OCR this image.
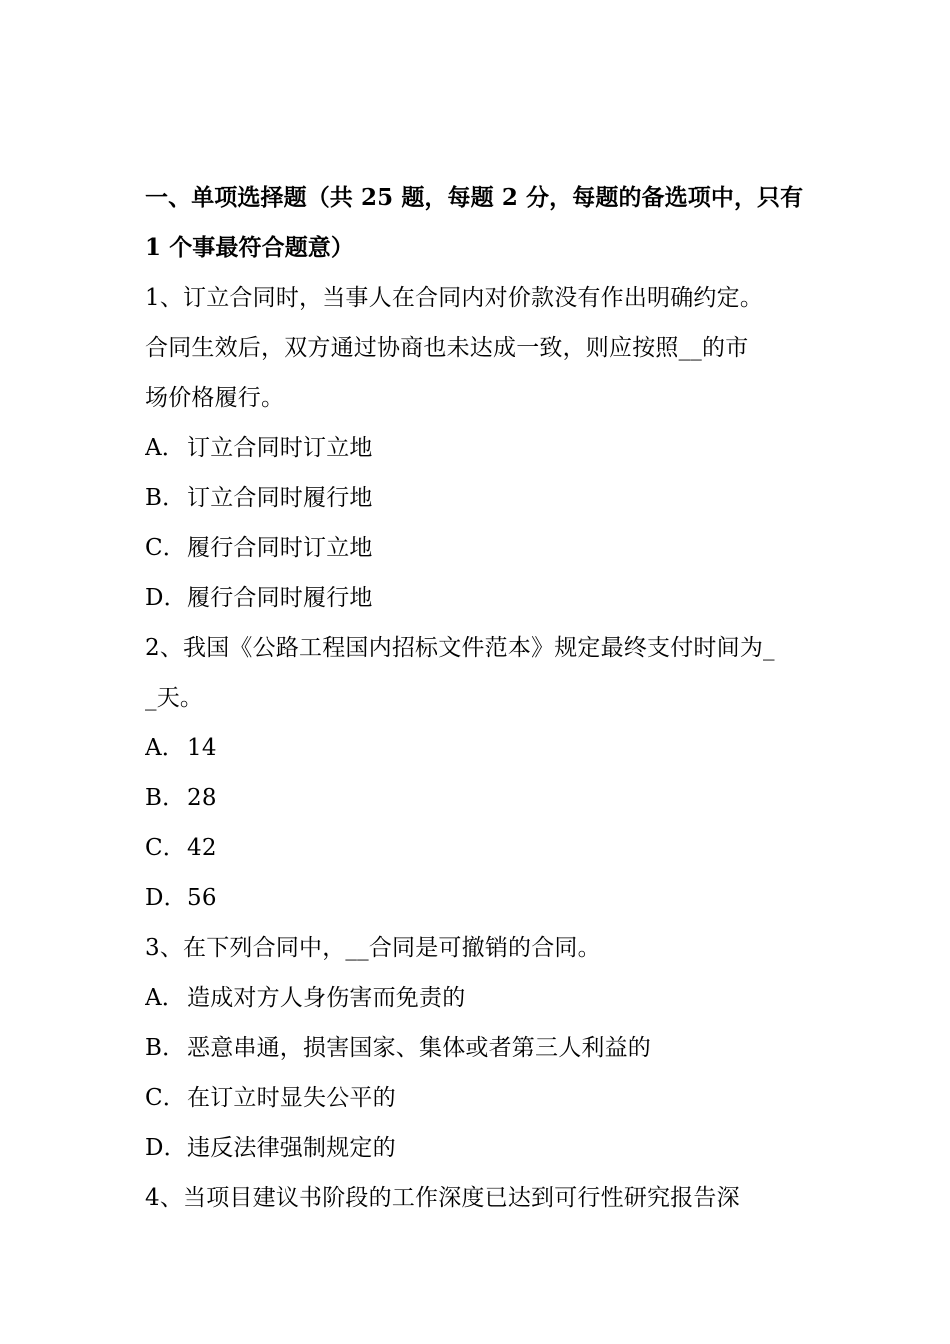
一、单项选择题（共 25 题，每题 2 分，每题的备选项中，只有
1 个事最符合题意）
1、订立合同时，当事人在合同内对价款没有作出明确约定。
合同生效后，双方通过协商也未达成一致，则应按照__的市
场价格履行。
A．订立合同时订立地
B．订立合同时履行地
C．履行合同时订立地
D．履行合同时履行地
2、我国《公路工程国内招标文件范本》规定最终支付时间为_
_天。
A．14
B．28
C．42
D．56
3、在下列合同中，__合同是可撤销的合同。
A．造成对方人身伤害而免责的
B．恶意串通，损害国家、集体或者第三人利益的
C．在订立时显失公平的
D．违反法律强制规定的
4、当项目建议书阶段的工作深度已达到可行性研究报告深
